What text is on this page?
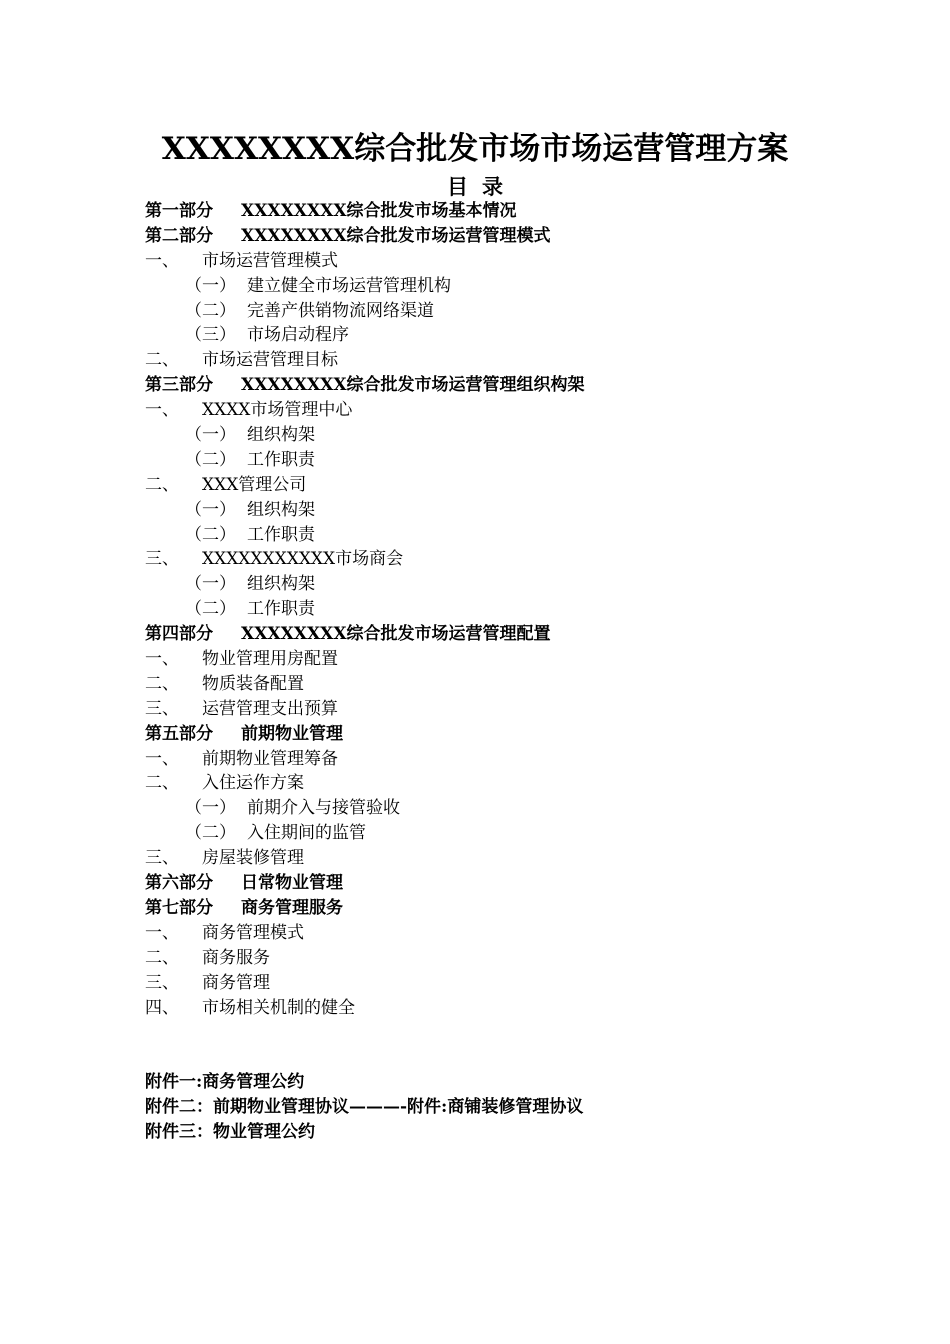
XXXXXXXX综合批发市场市场运营管理方案
目录
第一部分 XXXXXXXX综合批发市场基本情况
第二部分 XXXXXXXX综合批发市场运营管理模式
一、 市场运营管理模式
（一） 建立健全市场运营管理机构
（二） 完善产供销物流网络渠道
（三） 市场启动程序
二、 市场运营管理目标
第三部分 XXXXXXXX综合批发市场运营管理组织构架
一、 XXXX市场管理中心
（一） 组织构架
（二） 工作职责
二、 XXX管理公司
（一） 组织构架
（二） 工作职责
三、 XXXXXXXXXXX市场商会
（一） 组织构架
（二） 工作职责
第四部分 XXXXXXXX综合批发市场运营管理配置
一、 物业管理用房配置
二、 物质装备配置
三、 运营管理支出预算
第五部分 前期物业管理
一、 前期物业管理筹备
二、 入住运作方案
（一） 前期介入与接管验收
（二） 入住期间的监管
三、 房屋装修管理
第六部分 日常物业管理
第七部分 商务管理服务
一、 商务管理模式
二、 商务服务
三、 商务管理
四、 市场相关机制的健全
附件一:商务管理公约
附件二：前期物业管理协议———-附件:商铺装修管理协议
附件三：物业管理公约
